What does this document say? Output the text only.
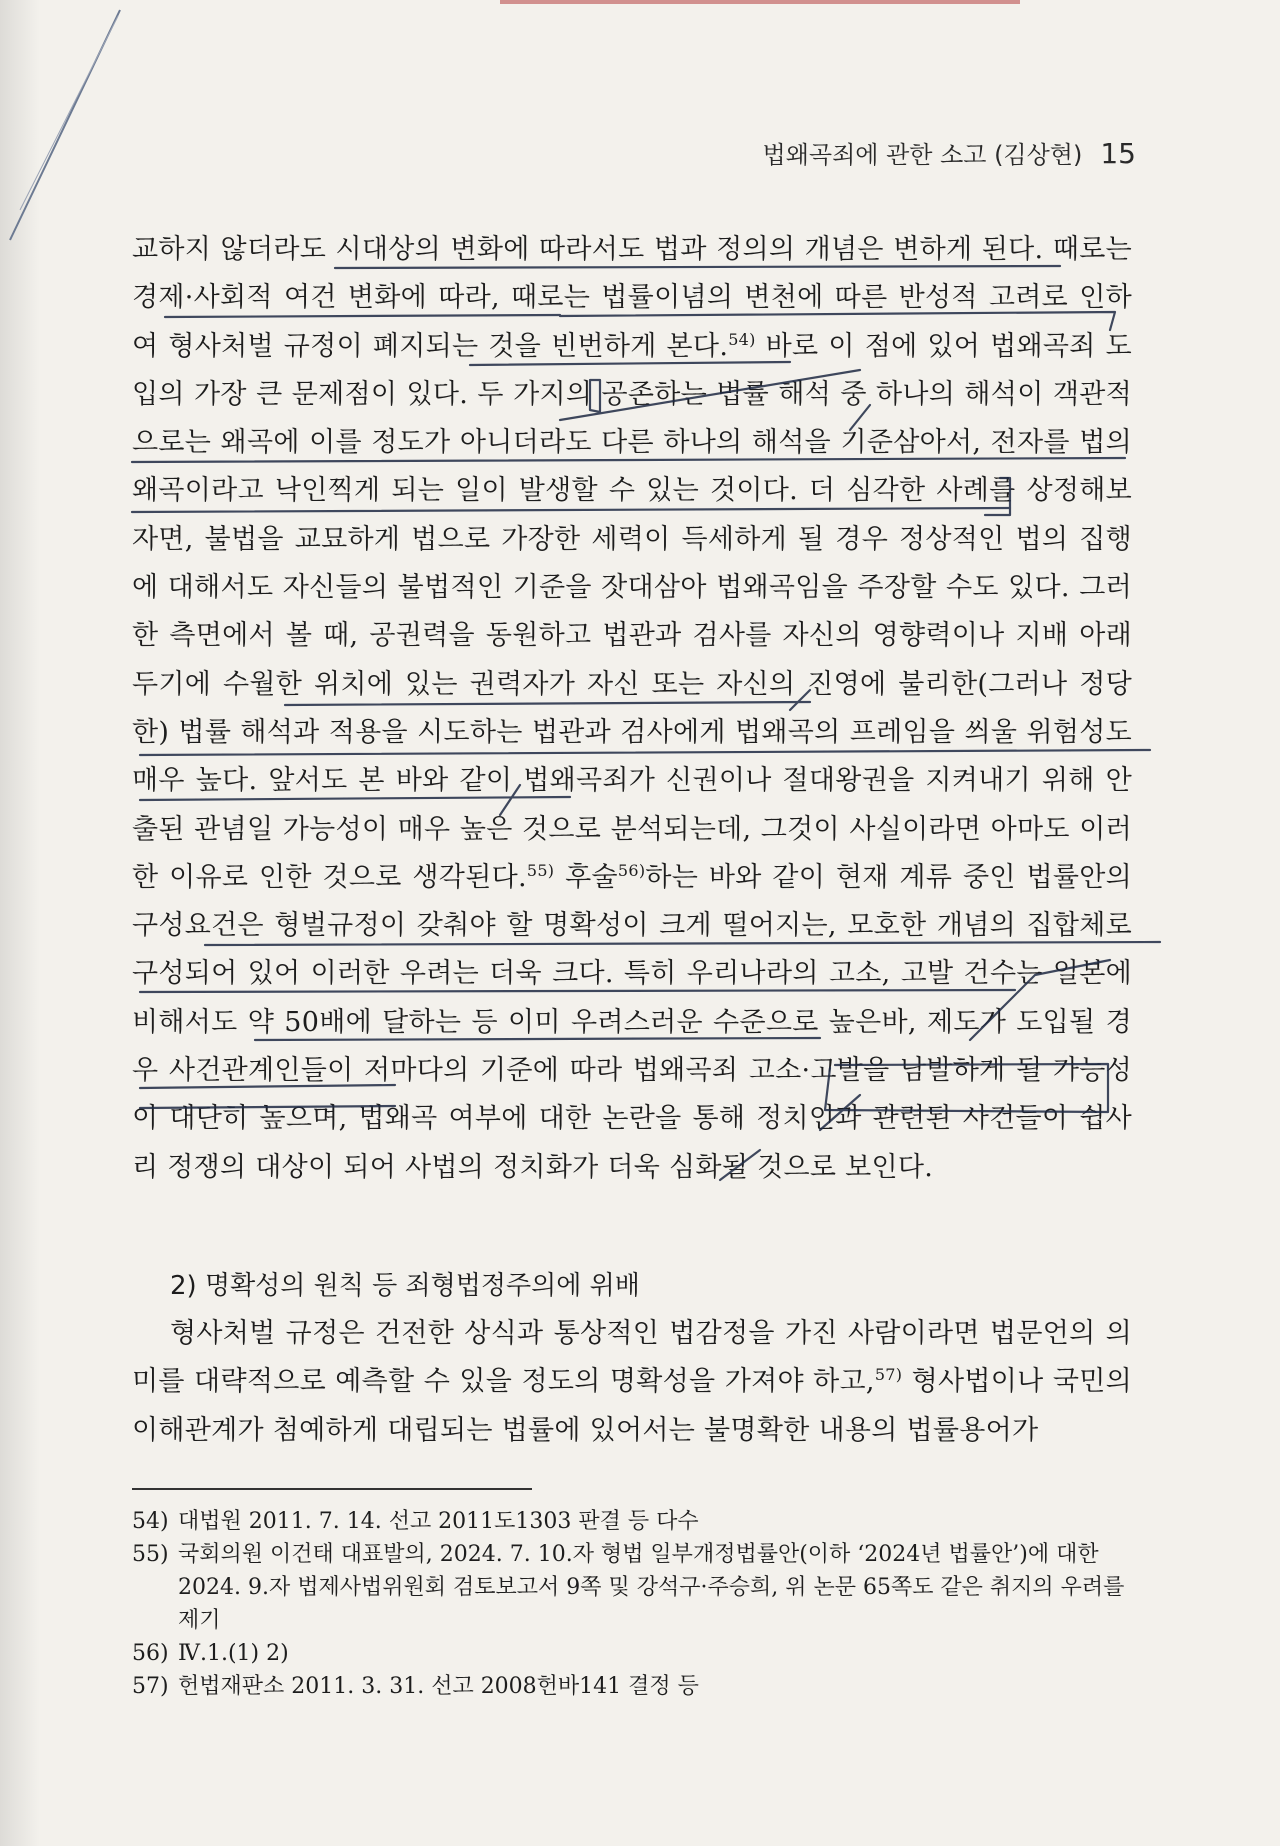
법왜곡죄에 관한 소고 (김상현) 15

교하지 않더라도 시대상의 변화에 따라서도 법과 정의의 개념은 변하게 된다. 때로는 경제·사회적 여건 변화에 따라, 때로는 법률이념의 변천에 따른 반성적 고려로 인하여 형사처벌 규정이 폐지되는 것을 빈번하게 본다.$^{54)}$ 바로 이 점에 있어 법왜곡죄 도입의 가장 큰 문제점이 있다. 두 가지의 공존하는 법률 해석 중 하나의 해석이 객관적으로는 왜곡에 이를 정도가 아니더라도 다른 하나의 해석을 기준삼아서, 전자를 법의 왜곡이라고 낙인찍게 되는 일이 발생할 수 있는 것이다. 더 심각한 사례를 상정해보자면, 불법을 교묘하게 법으로 가장한 세력이 득세하게 될 경우 정상적인 법의 집행에 대해서도 자신들의 불법적인 기준을 잣대삼아 법왜곡임을 주장할 수도 있다. 그러한 측면에서 볼 때, 공권력을 동원하고 법관과 검사를 자신의 영향력이나 지배 아래 두기에 수월한 위치에 있는 권력자가 자신 또는 자신의 진영에 불리한(그러나 정당한) 법률 해석과 적용을 시도하는 법관과 검사에게 법왜곡의 프레임을 씌울 위험성도 매우 높다. 앞서도 본 바와 같이 법왜곡죄가 신권이나 절대왕권을 지켜내기 위해 안출된 관념일 가능성이 매우 높은 것으로 분석되는데, 그것이 사실이라면 아마도 이러한 이유로 인한 것으로 생각된다.$^{55)}$ 후술$^{56)}$하는 바와 같이 현재 계류 중인 법률안의 구성요건은 형벌규정이 갖춰야 할 명확성이 크게 떨어지는, 모호한 개념의 집합체로 구성되어 있어 이러한 우려는 더욱 크다. 특히 우리나라의 고소, 고발 건수는 일본에 비해서도 약 50배에 달하는 등 이미 우려스러운 수준으로 높은바, 제도가 도입될 경우 사건관계인들이 저마다의 기준에 따라 법왜곡죄 고소·고발을 남발하게 될 가능성이 대단히 높으며, 법왜곡 여부에 대한 논란을 통해 정치인과 관련된 사건들이 쉽사리 정쟁의 대상이 되어 사법의 정치화가 더욱 심화될 것으로 보인다.

2) 명확성의 원칙 등 죄형법정주의에 위배

형사처벌 규정은 건전한 상식과 통상적인 법감정을 가진 사람이라면 법문언의 의미를 대략적으로 예측할 수 있을 정도의 명확성을 가져야 하고,$^{57)}$ 형사법이나 국민의 이해관계가 첨예하게 대립되는 법률에 있어서는 불명확한 내용의 법률용어가

54) 대법원 2011. 7. 14. 선고 2011도1303 판결 등 다수
55) 국회의원 이건태 대표발의, 2024. 7. 10.자 형법 일부개정법률안(이하 ‘2024년 법률안’)에 대한 2024. 9.자 법제사법위원회 검토보고서 9쪽 및 강석구·주승희, 위 논문 65쪽도 같은 취지의 우려를 제기
56) Ⅳ.1.(1) 2)
57) 헌법재판소 2011. 3. 31. 선고 2008헌바141 결정 등
